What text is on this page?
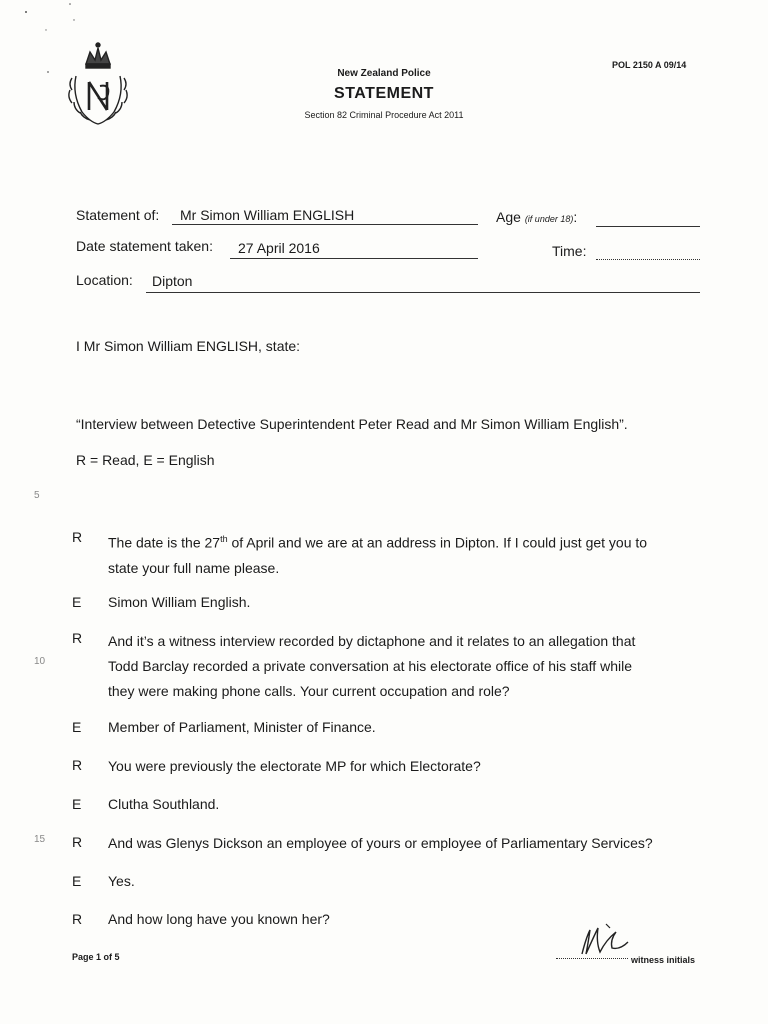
New Zealand Police
STATEMENT
Section 82 Criminal Procedure Act 2011
POL 2150 A 09/14
Statement of: Mr Simon William ENGLISH	Age (if under 18):
Date statement taken: 27 April 2016	Time:
Location: Dipton
I Mr Simon William ENGLISH, state:
“Interview between Detective Superintendent Peter Read and Mr Simon William English”.
R = Read, E = English
5
10
15
R The date is the 27th of April and we are at an address in Dipton. If I could just get you to
state your full name please.
E Simon William English.
R And it’s a witness interview recorded by dictaphone and it relates to an allegation that
Todd Barclay recorded a private conversation at his electorate office of his staff while
they were making phone calls. Your current occupation and role?
E Member of Parliament, Minister of Finance.
R You were previously the electorate MP for which Electorate?
E Clutha Southland.
R And was Glenys Dickson an employee of yours or employee of Parliamentary Services?
E Yes.
R And how long have you known her?
Page 1 of 5	witness initials
